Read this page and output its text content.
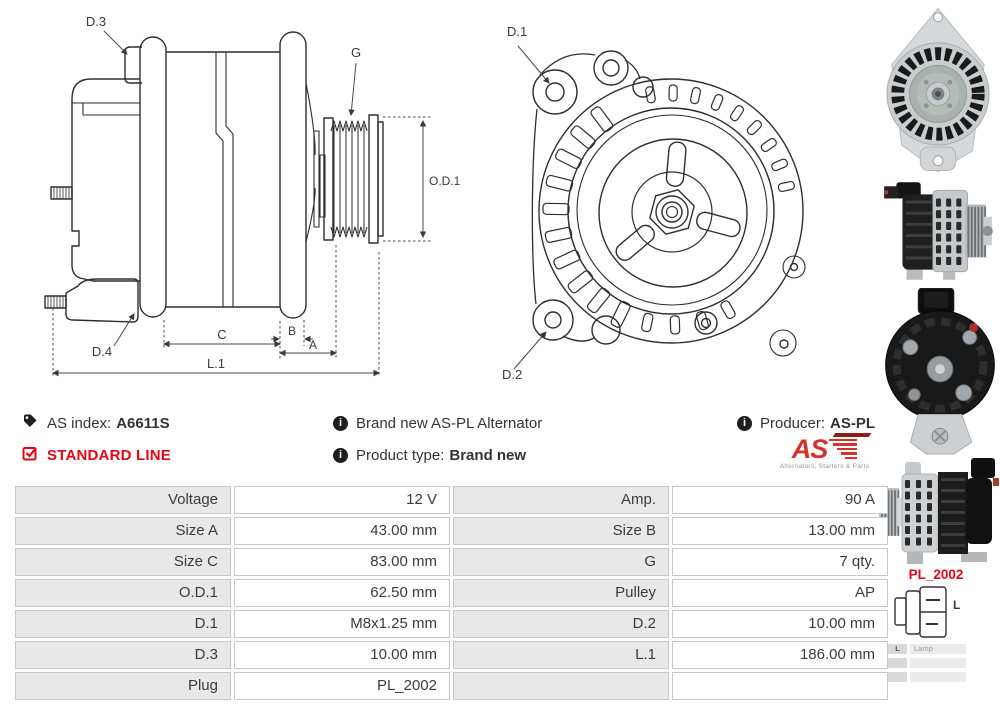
D.3
D.4
G
O.D.1
C	B
A
L.1
D.1
D.2
PL_2002
L
L	Lamp
AS index: A6611S	i Brand new AS-PL Alternator	i Producer: AS-PL
STANDARD LINE	i Product type: Brand new	AS
Alternators, Starters & Parts
Voltage	12 V	Amp.	90 A
Size A	43.00 mm	Size B	13.00 mm
Size C	83.00 mm	G	7 qty.
O.D.1	62.50 mm	Pulley	AP
D.1	M8x1.25 mm	D.2	10.00 mm
D.3	10.00 mm	L.1	186.00 mm
Plug	PL_2002
